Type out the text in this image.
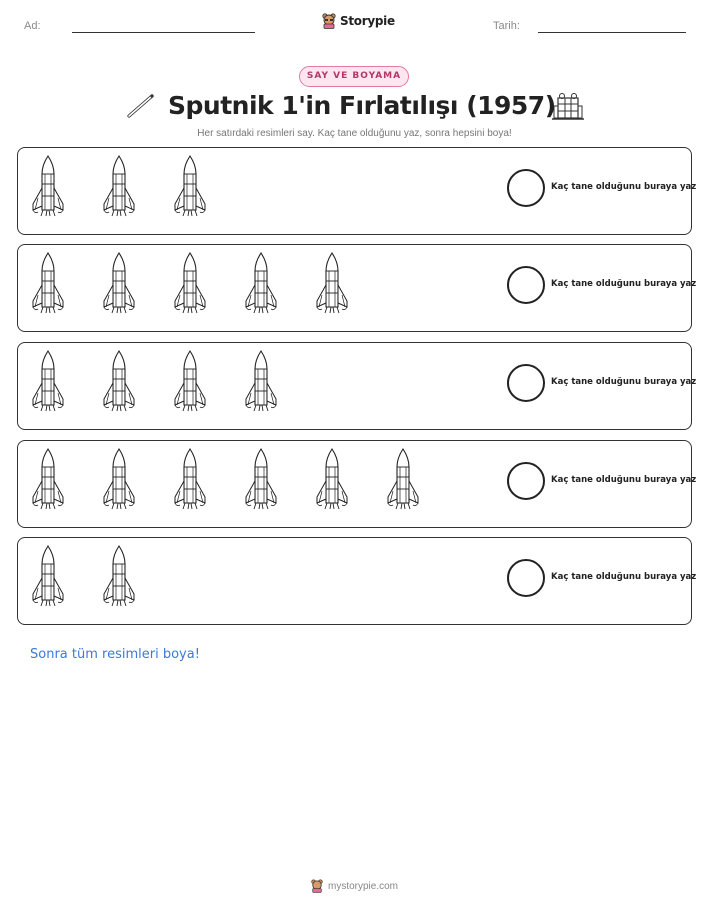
Ad:	Storypie	Tarih:
SAY VE BOYAMA
Sputnik 1'in Fırlatılışı (1957)
Her satırdaki resimleri say. Kaç tane olduğunu yaz, sonra hepsini boya!
Kaç tane olduğunu buraya yaz
Kaç tane olduğunu buraya yaz
Kaç tane olduğunu buraya yaz
Kaç tane olduğunu buraya yaz
Kaç tane olduğunu buraya yaz
Sonra tüm resimleri boya!
mystorypie.com
